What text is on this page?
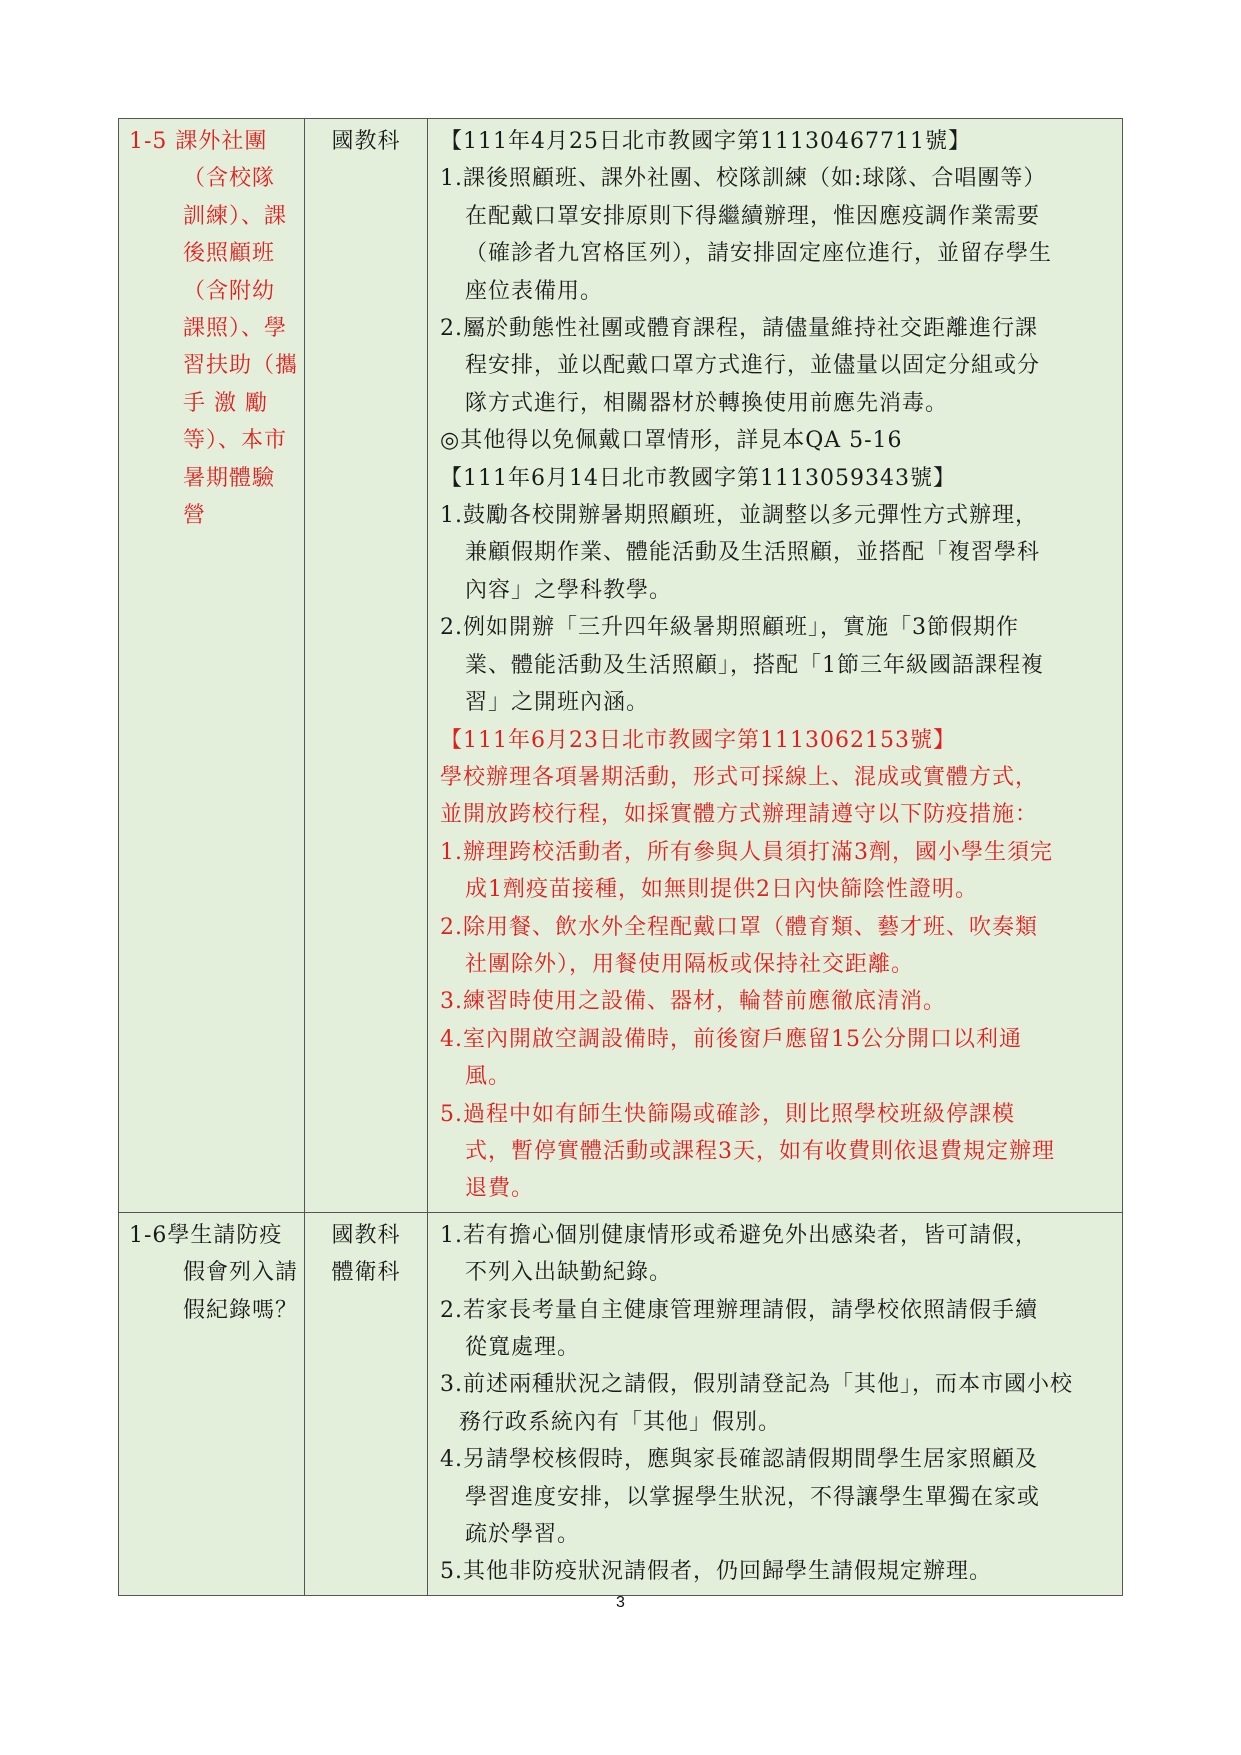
1-5 課外社團
（含校隊
訓練）、課
後照顧班
（含附幼
課照）、學
習扶助（攜
手 激 勵
等）、本市
暑期體驗
營
國教科	【111年4月25日北市教國字第11130467711號】
1.課後照顧班、課外社團、校隊訓練（如:球隊、合唱團等）
在配戴口罩安排原則下得繼續辦理，惟因應疫調作業需要
（確診者九宮格匡列），請安排固定座位進行，並留存學生
座位表備用。
2.屬於動態性社團或體育課程，請儘量維持社交距離進行課
程安排，並以配戴口罩方式進行，並儘量以固定分組或分
隊方式進行，相關器材於轉換使用前應先消毒。
◎其他得以免佩戴口罩情形，詳見本QA 5-16
【111年6月14日北市教國字第1113059343號】
1.鼓勵各校開辦暑期照顧班，並調整以多元彈性方式辦理，
兼顧假期作業、體能活動及生活照顧，並搭配「複習學科
內容」之學科教學。
2.例如開辦「三升四年級暑期照顧班」，實施「3節假期作
業、體能活動及生活照顧」，搭配「1節三年級國語課程複
習」之開班內涵。
【111年6月23日北市教國字第1113062153號】
學校辦理各項暑期活動，形式可採線上、混成或實體方式，
並開放跨校行程，如採實體方式辦理請遵守以下防疫措施：
1.辦理跨校活動者，所有參與人員須打滿3劑，國小學生須完
成1劑疫苗接種，如無則提供2日內快篩陰性證明。
2.除用餐、飲水外全程配戴口罩（體育類、藝才班、吹奏類
社團除外），用餐使用隔板或保持社交距離。
3.練習時使用之設備、器材，輪替前應徹底清消。
4.室內開啟空調設備時，前後窗戶應留15公分開口以利通
風。
5.過程中如有師生快篩陽或確診，則比照學校班級停課模
式，暫停實體活動或課程3天，如有收費則依退費規定辦理
退費。
1-6學生請防疫
假會列入請
假紀錄嗎？
國教科
體衛科
1.若有擔心個別健康情形或希避免外出感染者，皆可請假，
不列入出缺勤紀錄。
2.若家長考量自主健康管理辦理請假，請學校依照請假手續
從寬處理。
3.前述兩種狀況之請假，假別請登記為「其他」，而本市國小校
務行政系統內有「其他」假別。
4.另請學校核假時，應與家長確認請假期間學生居家照顧及
學習進度安排，以掌握學生狀況，不得讓學生單獨在家或
疏於學習。
5.其他非防疫狀況請假者，仍回歸學生請假規定辦理。
3
